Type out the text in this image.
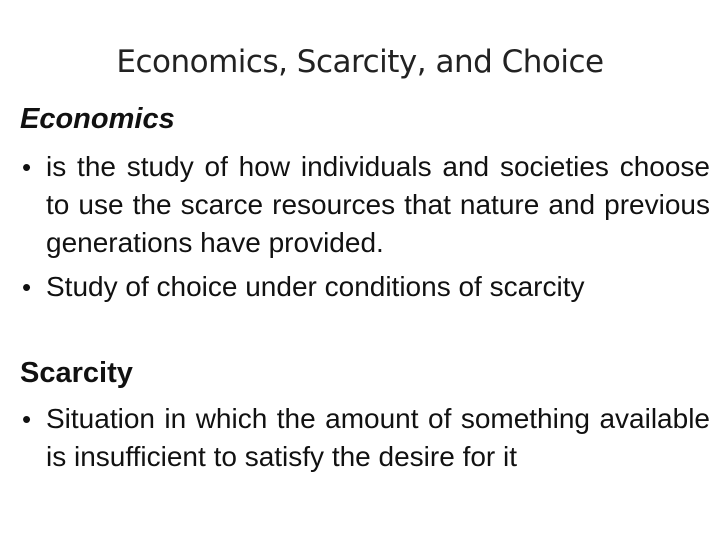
Economics, Scarcity, and Choice
Economics
• is the study of how individuals and societies choose to use the scarce resources that nature and previous generations have provided.
• Study of choice under conditions of scarcity
Scarcity
• Situation in which the amount of something available is insufficient to satisfy the desire for it
